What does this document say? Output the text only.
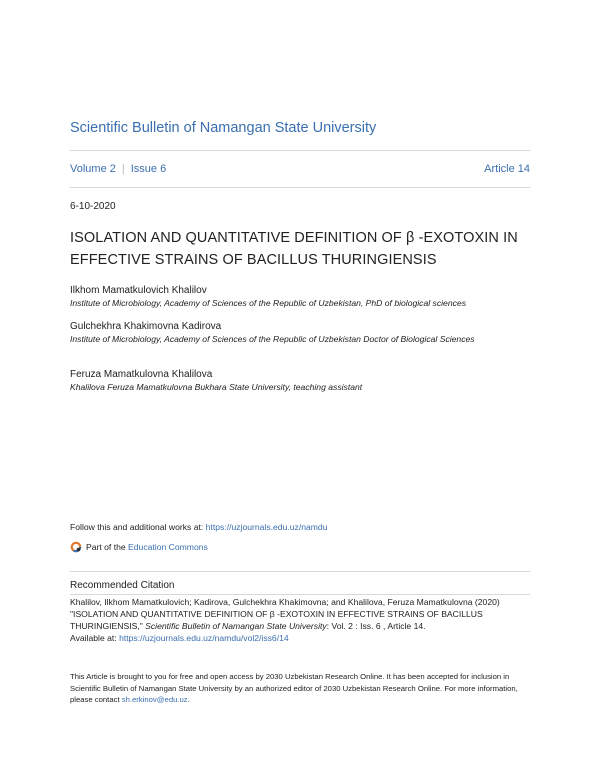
Scientific Bulletin of Namangan State University
Volume 2 | Issue 6	Article 14
6-10-2020
ISOLATION AND QUANTITATIVE DEFINITION OF β -EXOTOXIN IN EFFECTIVE STRAINS OF BACILLUS THURINGIENSIS
Ilkhom Mamatkulovich Khalilov
Institute of Microbiology, Academy of Sciences of the Republic of Uzbekistan, PhD of biological sciences
Gulchekhra Khakimovna Kadirova
Institute of Microbiology, Academy of Sciences of the Republic of Uzbekistan Doctor of Biological Sciences
Feruza Mamatkulovna Khalilova
Khalilova Feruza Mamatkulovna Bukhara State University, teaching assistant
Follow this and additional works at: https://uzjournals.edu.uz/namdu
Part of the
Education Commons
Recommended Citation
Khalilov, Ilkhom Mamatkulovich; Kadirova, Gulchekhra Khakimovna; and Khalilova, Feruza Mamatkulovna (2020) "ISOLATION AND QUANTITATIVE DEFINITION OF β -EXOTOXIN IN EFFECTIVE STRAINS OF BACILLUS THURINGIENSIS," Scientific Bulletin of Namangan State University: Vol. 2 : Iss. 6 , Article 14.
Available at: https://uzjournals.edu.uz/namdu/vol2/iss6/14
This Article is brought to you for free and open access by 2030 Uzbekistan Research Online. It has been accepted for inclusion in Scientific Bulletin of Namangan State University by an authorized editor of 2030 Uzbekistan Research Online. For more information, please contact sh.erkinov@edu.uz.
